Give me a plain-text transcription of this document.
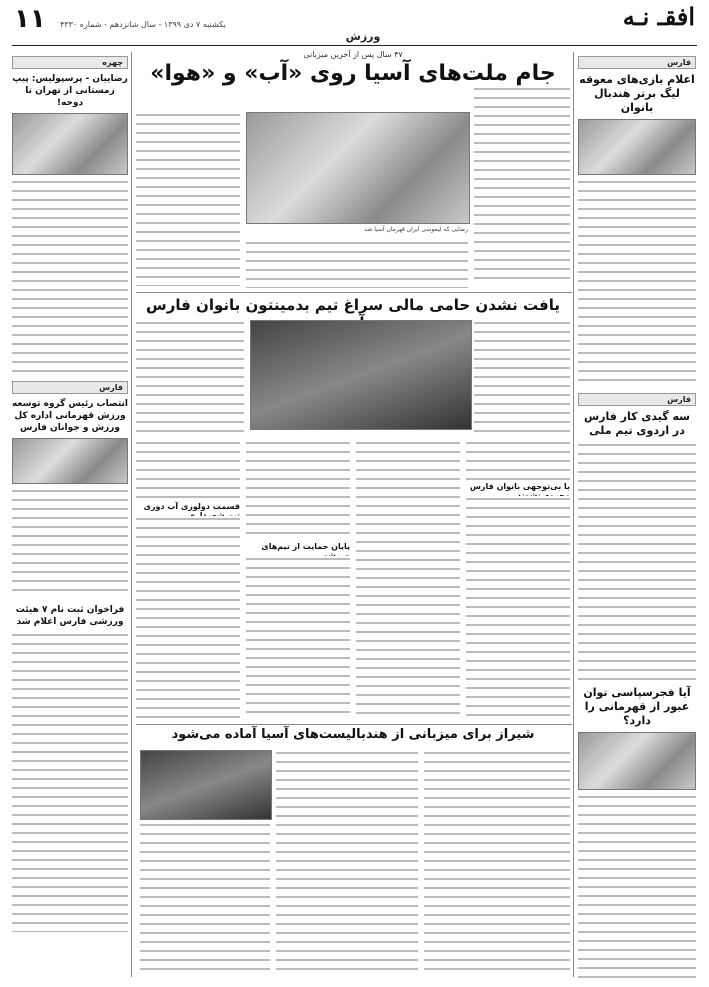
۱۱ یکشنبه ۷ دی ۱۳۹۹ - سال شانزدهم - شماره ۴۳۳۰
ورزش
افقـ نـه
فارس
اعلام بازی‌های معوقه لیگ برتر هندبال بانوان
فارس
سه گیدی کار فارس در اردوی تیم ملی
آیا فجرسپاسی توان عبور از قهرمانی را دارد؟
۴۷ سال پس از آخرین میزبانی
جام ملت‌های آسیا روی «آب» و «هوا»
رضایی که لیموسی ایران قهرمان آسیا شد
یافت نشدن حامی مالی سراغ تیم بدمینتون بانوان فارس
با بی‌توجهی بانوان فارس
پایان حمایت از تیم‌های
قسمت دولوزی آب دوری
شیراز برای میزبانی از هندبالیست‌های آسیا آماده می‌شود
چهره
رضاییان - پرسپولیس: پیپ زمستانی از تهران تا دوحه!
فارس
انتصاب رئیس گروه توسعه ورزش قهرمانی اداره کل ورزش و جوانان فارس
فراخوان ثبت نام ۷ هیئت ورزشی فارس اعلام شد
